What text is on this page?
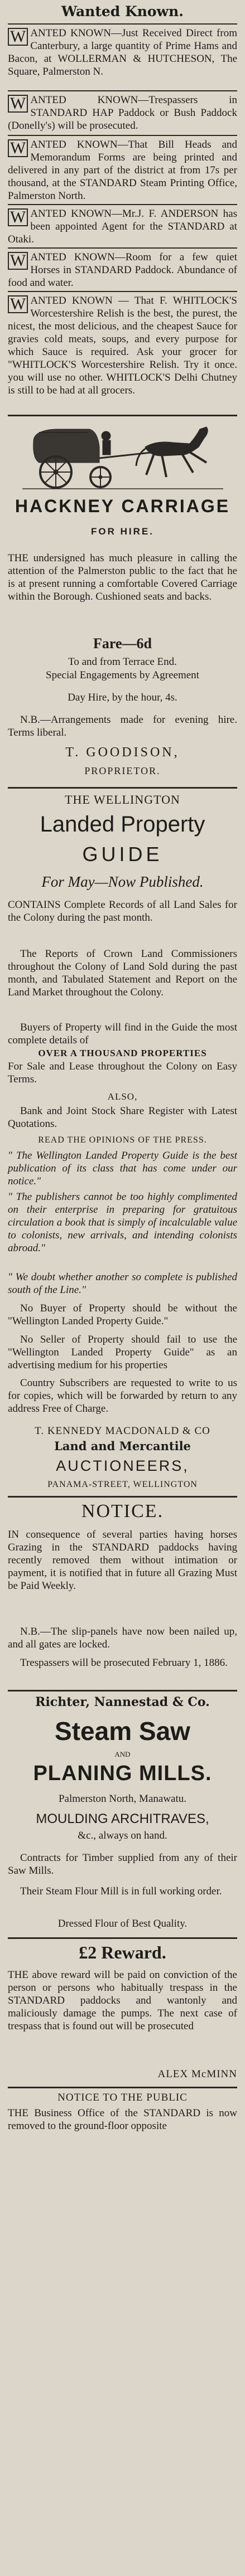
Wanted Known.
W ANTED KNOWN—Just Received Direct from Canterbury, a large quantity of Prime Hams and Bacon, at WOLLERMAN & HUTCHESON, The Square, Palmerston N.
W ANTED KNOWN—Trespassers in STANDARD HAP Paddock or Bush Paddock (Donelly's) will be prosecuted.
W ANTED KNOWN—That Bill Heads and Memorandum Forms are being printed and delivered in any part of the district at from 17s per thousand, at the STANDARD Steam Printing Office, Palmerston North.
W ANTED KNOWN—Mr.J. F. ANDERSON has been appointed Agent for the STANDARD at Otaki.
W ANTED KNOWN—Room for a few quiet Horses in STANDARD Paddock. Abundance of food and water.
W ANTED KNOWN — That F. WHITLOCK'S Worcestershire Relish is the best, the purest, the nicest, the most delicious, and the cheapest Sauce for gravies cold meats, soups, and every purpose for which Sauce is required. Ask your grocer for "WHITLOCK'S Worcestershire Relish. Try it once. you will use no other. WHITLOCK'S Delhi Chutney is still to be had at all grocers.
HACKNEY CARRIAGE
FOR HIRE.
THE undersigned has much pleasure in calling the attention of the Palmerston public to the fact that he is at present running a comfortable Covered Carriage within the Borough. Cushioned seats and backs.
Fare—6d
To and from Terrace End.
Special Engagements by Agreement
Day Hire, by the hour, 4s.
N.B.—Arrangements made for evening hire. Terms liberal.
T. GOODISON,
PROPRIETOR.
THE WELLINGTON
Landed Property
GUIDE
For May—Now Published.
CONTAINS Complete Records of all Land Sales for the Colony during the past month.
The Reports of Crown Land Commissioners throughout the Colony of Land Sold during the past month, and Tabulated Statement and Report on the Land Market throughout the Colony.
Buyers of Property will find in the Guide the most complete details of
OVER A THOUSAND PROPERTIES
For Sale and Lease throughout the Colony on Easy Terms.
ALSO,
Bank and Joint Stock Share Register with Latest Quotations.
READ THE OPINIONS OF THE PRESS.
" The Wellington Landed Property Guide is the best publication of its class that has come under our notice."
" The publishers cannot be too highly complimented on their enterprise in preparing for gratuitous circulation a book that is simply of incalculable value to colonists, new arrivals, and intending colonists abroad."
" We doubt whether another so complete is published south of the Line."
No Buyer of Property should be without the "Wellington Landed Property Guide."
No Seller of Property should fail to use the "Wellington Landed Property Guide" as an advertising medium for his properties
Country Subscribers are requested to write to us for copies, which will be forwarded by return to any address Free of Charge.
T. KENNEDY MACDONALD & CO
Land and Mercantile
AUCTIONEERS,
PANAMA-STREET, WELLINGTON
NOTICE.
IN consequence of several parties having horses Grazing in the STANDARD paddocks having recently removed them without intimation or payment, it is notified that in future all Grazing Must be Paid Weekly.
N.B.—The slip-panels have now been nailed up, and all gates are locked.
Trespassers will be prosecuted February 1, 1886.
Richter, Nannestad & Co.
Steam Saw
AND
PLANING MILLS.
Palmerston North, Manawatu.
MOULDING ARCHITRAVES,
&c., always on hand.
Contracts for Timber supplied from any of their Saw Mills.
Their Steam Flour Mill is in full working order.
Dressed Flour of Best Quality.
£2 Reward.
THE above reward will be paid on conviction of the person or persons who habitually trespass in the STANDARD paddocks and wantonly and maliciously damage the pumps. The next case of trespass that is found out will be prosecuted
ALEX McMINN
NOTICE TO THE PUBLIC
THE Business Office of the STANDARD is now removed to the ground-floor opposite
